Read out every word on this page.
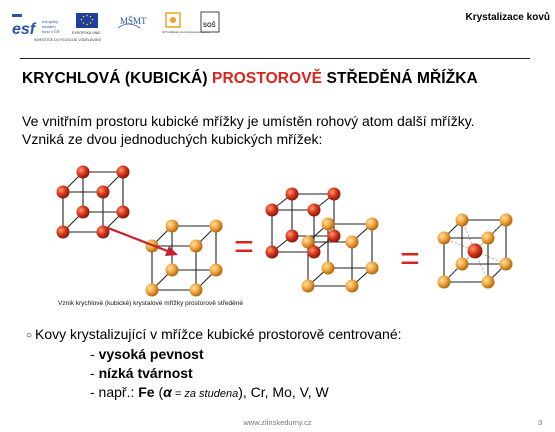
esf	evropský
sociální
fond v ČR	EVROPSKÁ UNIE
MŠMT
OP Vzdělávání pro konkurenceschopnost
SOŠ
INVESTICE DO ROZVOJE VZDĚLÁVÁNÍ
Krystalizace kovů
KRYCHLOVÁ (KUBICKÁ) PROSTOROVĚ STŘEDĚNÁ MŘÍŽKA
Ve vnitřním prostoru kubické mřížky je umístěn rohový atom další mřížky.
Vzniká ze dvou jednoduchých kubických mřížek:
=	=
Vznik krychlové (kubické) krystalové mřížky prostorově středěné
○ Kovy krystalizující v mřížce kubické prostorově centrované:
- vysoká pevnost
- nízká tvárnost
- např.: Fe (α = za studena), Cr, Mo, V, W
www.zlinskedumy.cz	3
